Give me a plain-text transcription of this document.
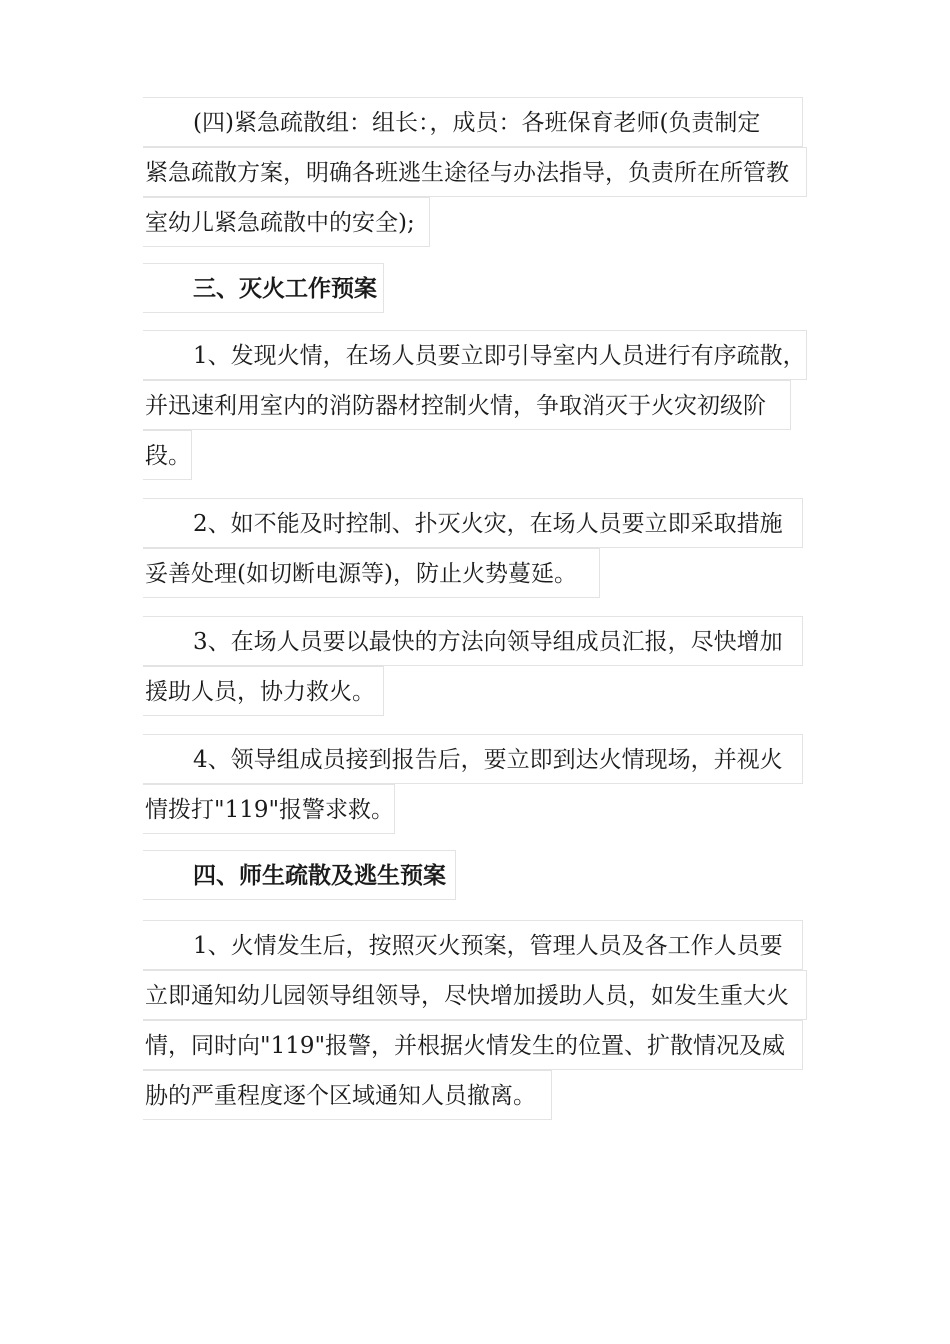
(四)紧急疏散组：组长：，成员：各班保育老师(负责制定
紧急疏散方案，明确各班逃生途径与办法指导，负责所在所管教
室幼儿紧急疏散中的安全);
三、灭火工作预案
1、发现火情，在场人员要立即引导室内人员进行有序疏散，
并迅速利用室内的消防器材控制火情，争取消灭于火灾初级阶
段。
2、如不能及时控制、扑灭火灾，在场人员要立即采取措施
妥善处理(如切断电源等)，防止火势蔓延。
3、在场人员要以最快的方法向领导组成员汇报，尽快增加
援助人员，协力救火。
4、领导组成员接到报告后，要立即到达火情现场，并视火
情拨打"119"报警求救。
四、师生疏散及逃生预案
1、火情发生后，按照灭火预案，管理人员及各工作人员要
立即通知幼儿园领导组领导，尽快增加援助人员，如发生重大火
情，同时向"119"报警，并根据火情发生的位置、扩散情况及威
胁的严重程度逐个区域通知人员撤离。
